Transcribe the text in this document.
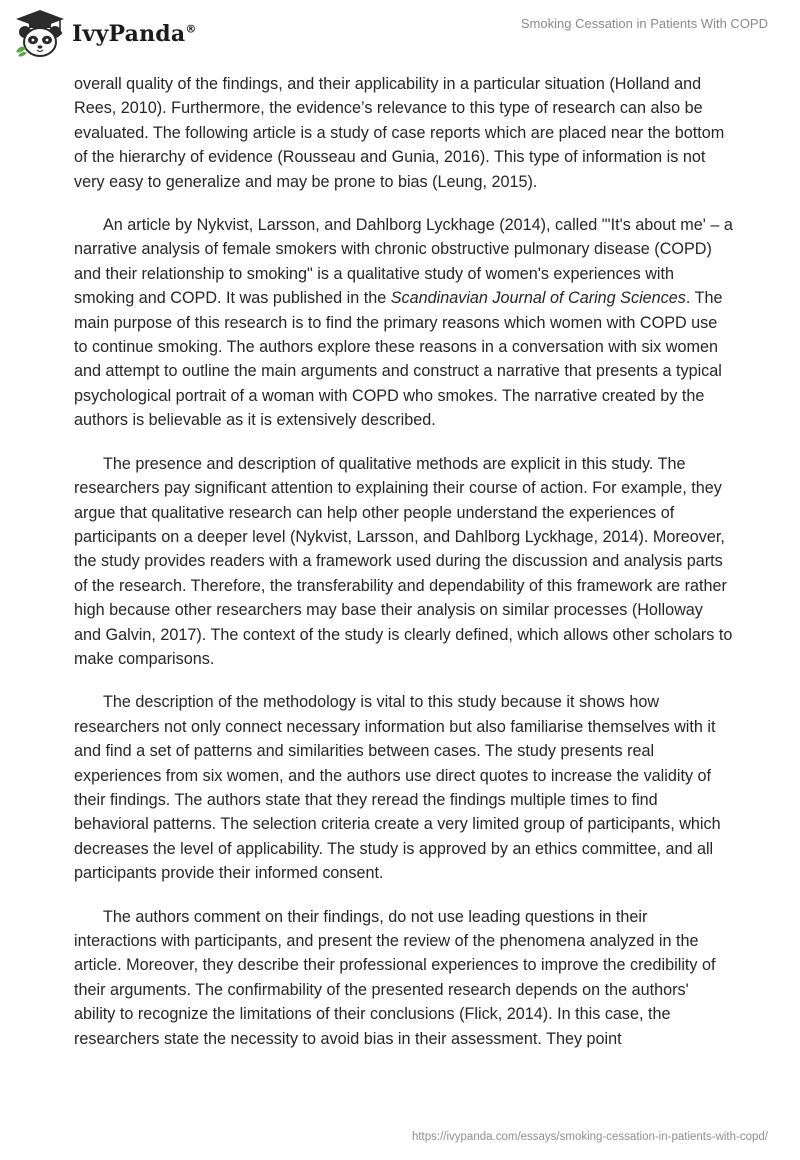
IvyPanda®	Smoking Cessation in Patients With COPD

overall quality of the findings, and their applicability in a particular situation (Holland and Rees, 2010). Furthermore, the evidence’s relevance to this type of research can also be evaluated. The following article is a study of case reports which are placed near the bottom of the hierarchy of evidence (Rousseau and Gunia, 2016). This type of information is not very easy to generalize and may be prone to bias (Leung, 2015).

An article by Nykvist, Larsson, and Dahlborg Lyckhage (2014), called "'It's about me' – a narrative analysis of female smokers with chronic obstructive pulmonary disease (COPD) and their relationship to smoking" is a qualitative study of women's experiences with smoking and COPD. It was published in the Scandinavian Journal of Caring Sciences. The main purpose of this research is to find the primary reasons which women with COPD use to continue smoking. The authors explore these reasons in a conversation with six women and attempt to outline the main arguments and construct a narrative that presents a typical psychological portrait of a woman with COPD who smokes. The narrative created by the authors is believable as it is extensively described.

The presence and description of qualitative methods are explicit in this study. The researchers pay significant attention to explaining their course of action. For example, they argue that qualitative research can help other people understand the experiences of participants on a deeper level (Nykvist, Larsson, and Dahlborg Lyckhage, 2014). Moreover, the study provides readers with a framework used during the discussion and analysis parts of the research. Therefore, the transferability and dependability of this framework are rather high because other researchers may base their analysis on similar processes (Holloway and Galvin, 2017). The context of the study is clearly defined, which allows other scholars to make comparisons.

The description of the methodology is vital to this study because it shows how researchers not only connect necessary information but also familiarise themselves with it and find a set of patterns and similarities between cases. The study presents real experiences from six women, and the authors use direct quotes to increase the validity of their findings. The authors state that they reread the findings multiple times to find behavioral patterns. The selection criteria create a very limited group of participants, which decreases the level of applicability. The study is approved by an ethics committee, and all participants provide their informed consent.

The authors comment on their findings, do not use leading questions in their interactions with participants, and present the review of the phenomena analyzed in the article. Moreover, they describe their professional experiences to improve the credibility of their arguments. The confirmability of the presented research depends on the authors' ability to recognize the limitations of their conclusions (Flick, 2014). In this case, the researchers state the necessity to avoid bias in their assessment. They point

https://ivypanda.com/essays/smoking-cessation-in-patients-with-copd/
